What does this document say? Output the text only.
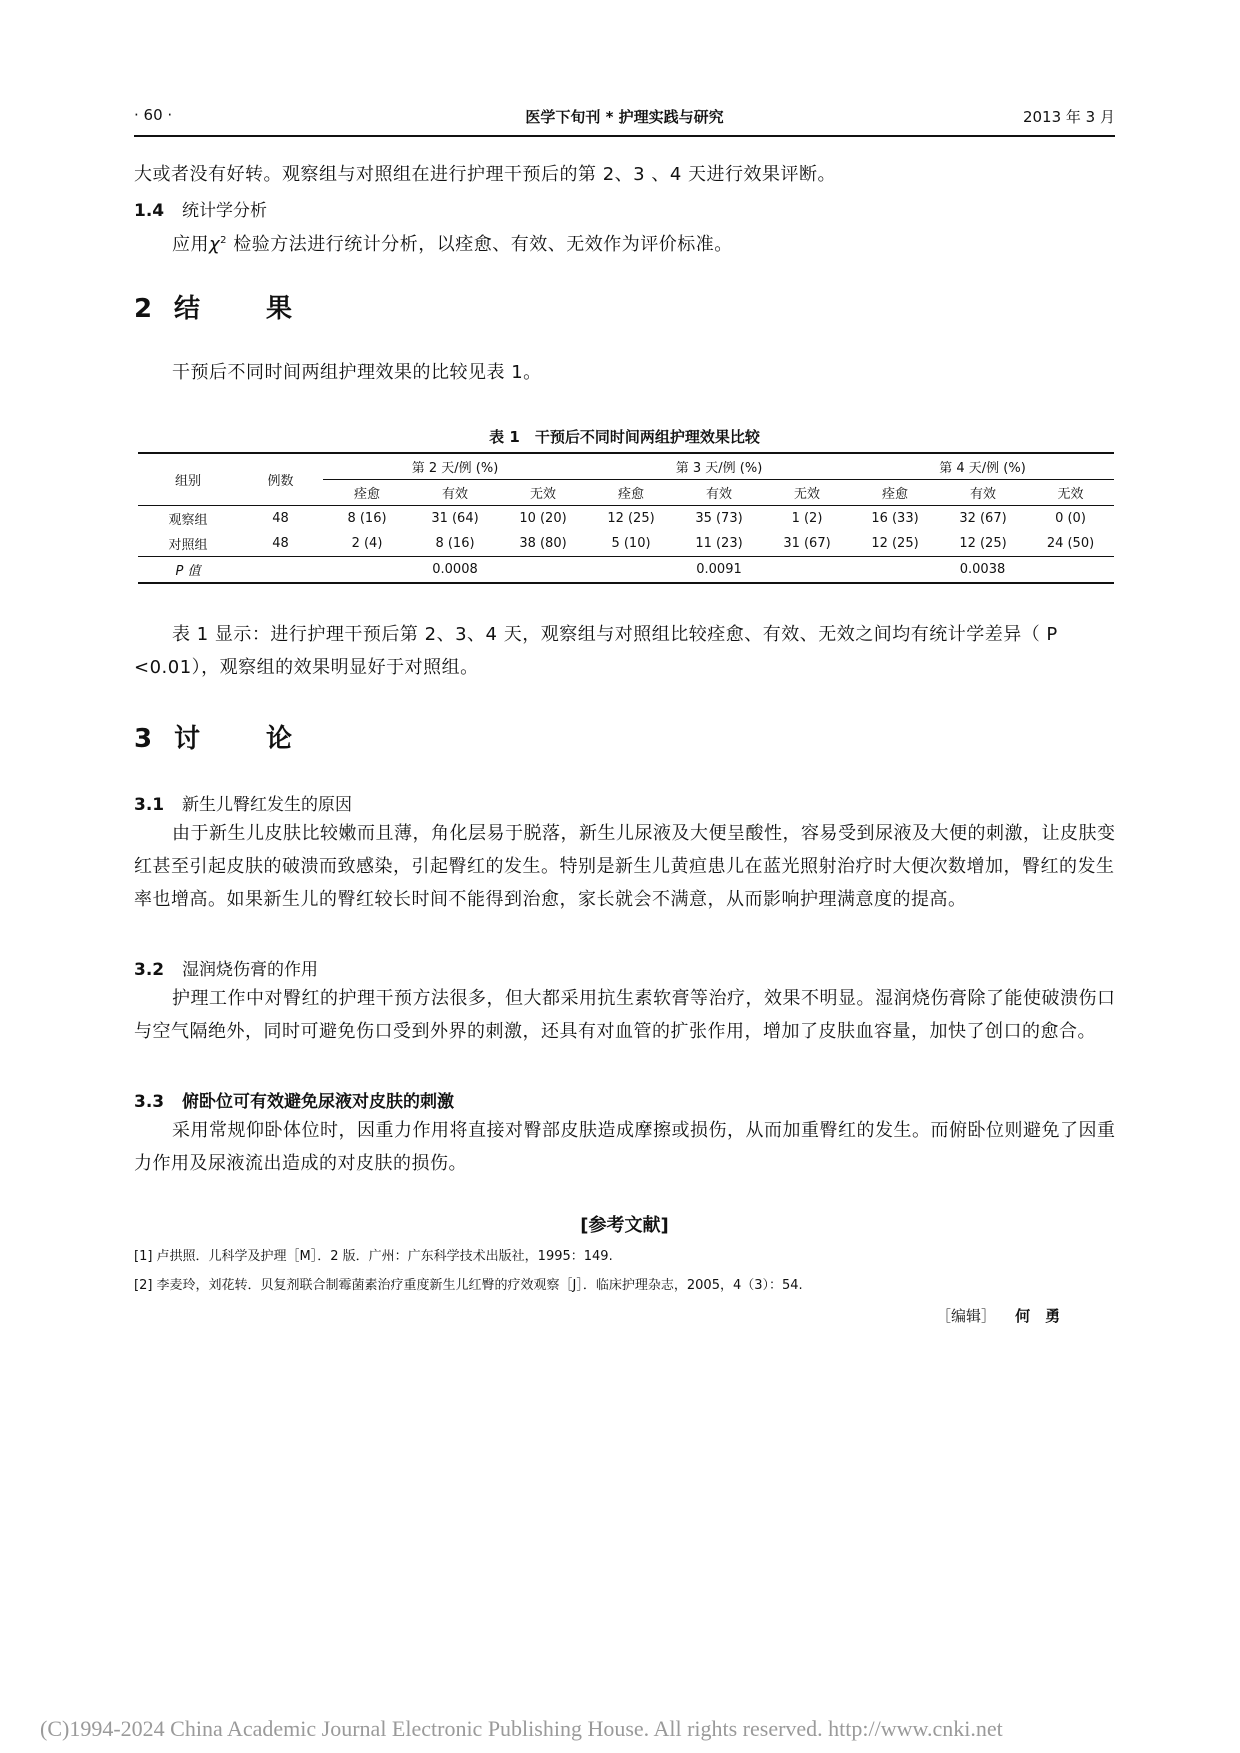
· 60 ·	医学下旬刊 * 护理实践与研究	2013 年 3 月
大或者没有好转。观察组与对照组在进行护理干预后的第 2、3 、4 天进行效果评断。
1.4 统计学分析
应用$\chi^2$ 检验方法进行统计分析，以痊愈、有效、无效作为评价标准。
2 结	果
干预后不同时间两组护理效果的比较见表 1。
表 1　干预后不同时间两组护理效果比较
组别	例数	第 2 天/例 (%)			第 3 天/例 (%)			第 4 天/例 (%)		
		痊愈	有效	无效	痊愈	有效	无效	痊愈	有效	无效
观察组	48	8 (16)	31 (64)	10 (20)	12 (25)	35 (73)	1 (2)	16 (33)	32 (67)	0 (0)
对照组	48	2 (4)	8 (16)	38 (80)	5 (10)	11 (23)	31 (67)	12 (25)	12 (25)	24 (50)
P 值		0.0008			0.0091			0.0038		
表 1 显示：进行护理干预后第 2、3、4 天，观察组与对照组比较痊愈、有效、无效之间均有统计学差异（ P <0.01），观察组的效果明显好于对照组。
3 讨	论
3.1 新生儿臀红发生的原因
由于新生儿皮肤比较嫩而且薄，角化层易于脱落，新生儿尿液及大便呈酸性，容易受到尿液及大便的刺激，让皮肤变红甚至引起皮肤的破溃而致感染，引起臀红的发生。特别是新生儿黄疸患儿在蓝光照射治疗时大便次数增加，臀红的发生率也增高。如果新生儿的臀红较长时间不能得到治愈，家长就会不满意，从而影响护理满意度的提高。
3.2 湿润烧伤膏的作用
护理工作中对臀红的护理干预方法很多，但大都采用抗生素软膏等治疗，效果不明显。湿润烧伤膏除了能使破溃伤口与空气隔绝外，同时可避免伤口受到外界的刺激，还具有对血管的扩张作用，增加了皮肤血容量，加快了创口的愈合。
3.3 俯卧位可有效避免尿液对皮肤的刺激
采用常规仰卧体位时，因重力作用将直接对臀部皮肤造成摩擦或损伤，从而加重臀红的发生。而俯卧位则避免了因重力作用及尿液流出造成的对皮肤的损伤。
[参考文献]
[1] 卢拱照．儿科学及护理［M］．2 版．广州：广东科学技术出版社，1995：149.
[2] 李麦玲，刘花转．贝复剂联合制霉菌素治疗重度新生儿红臀的疗效观察［J］．临床护理杂志，2005，4（3）：54.
［编辑］ 何　勇
(C)1994-2024 China Academic Journal Electronic Publishing House. All rights reserved. http://www.cnki.net
